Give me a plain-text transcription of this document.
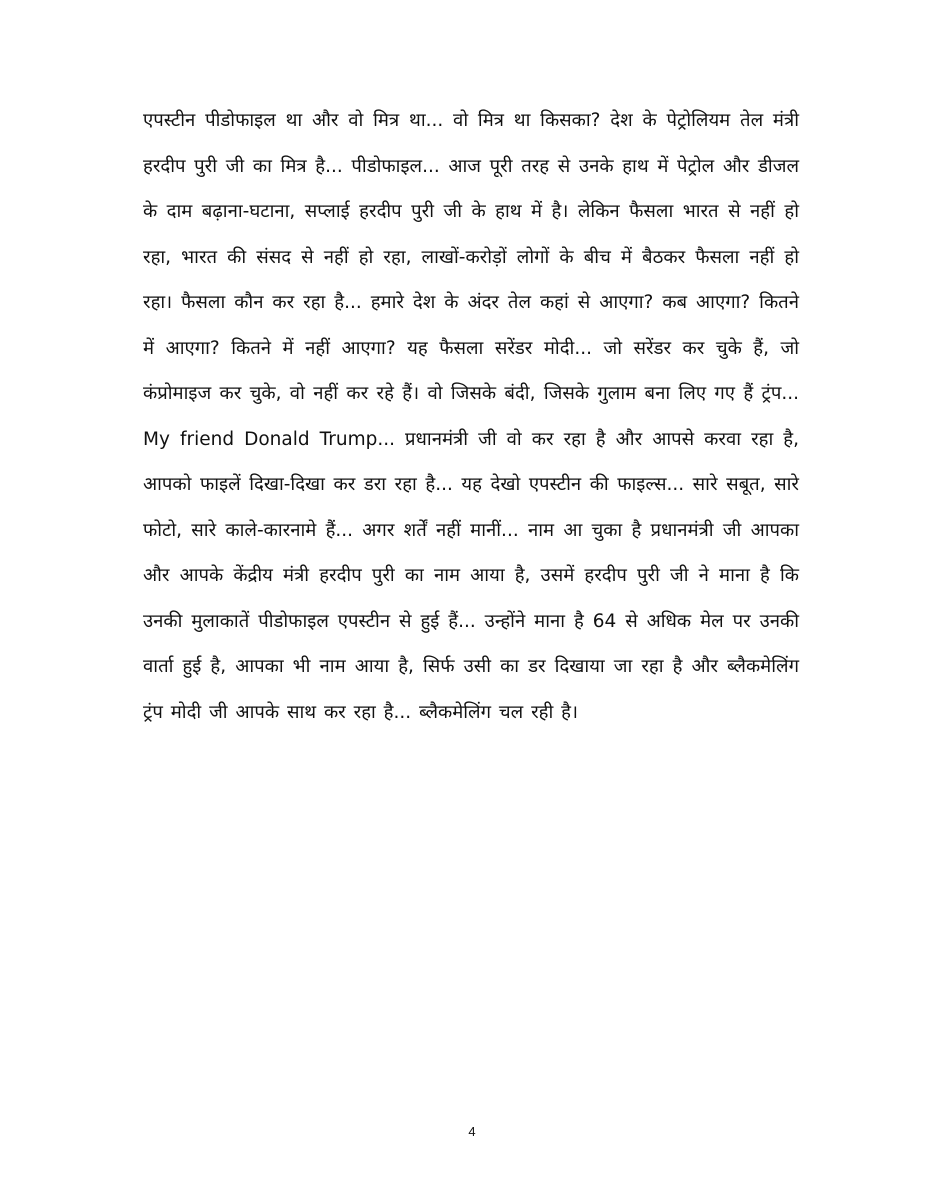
एपस्टीन पीडोफाइल था और वो मित्र था... वो मित्र था किसका? देश के पेट्रोलियम तेल मंत्री हरदीप पुरी जी का मित्र है... पीडोफाइल... आज पूरी तरह से उनके हाथ में पेट्रोल और डीजल के दाम बढ़ाना-घटाना, सप्लाई हरदीप पुरी जी के हाथ में है। लेकिन फैसला भारत से नहीं हो रहा, भारत की संसद से नहीं हो रहा, लाखों-करोड़ों लोगों के बीच में बैठकर फैसला नहीं हो रहा। फैसला कौन कर रहा है... हमारे देश के अंदर तेल कहां से आएगा? कब आएगा? कितने में आएगा? कितने में नहीं आएगा? यह फैसला सरेंडर मोदी... जो सरेंडर कर चुके हैं, जो कंप्रोमाइज कर चुके, वो नहीं कर रहे हैं। वो जिसके बंदी, जिसके गुलाम बना लिए गए हैं ट्रंप... My friend Donald Trump... प्रधानमंत्री जी वो कर रहा है और आपसे करवा रहा है, आपको फाइलें दिखा-दिखा कर डरा रहा है... यह देखो एपस्टीन की फाइल्स... सारे सबूत, सारे फोटो, सारे काले-कारनामे हैं... अगर शर्तें नहीं मानीं... नाम आ चुका है प्रधानमंत्री जी आपका और आपके केंद्रीय मंत्री हरदीप पुरी का नाम आया है, उसमें हरदीप पुरी जी ने माना है कि उनकी मुलाकातें पीडोफाइल एपस्टीन से हुई हैं... उन्होंने माना है 64 से अधिक मेल पर उनकी वार्ता हुई है, आपका भी नाम आया है, सिर्फ उसी का डर दिखाया जा रहा है और ब्लैकमेलिंग ट्रंप मोदी जी आपके साथ कर रहा है... ब्लैकमेलिंग चल रही है।

4
